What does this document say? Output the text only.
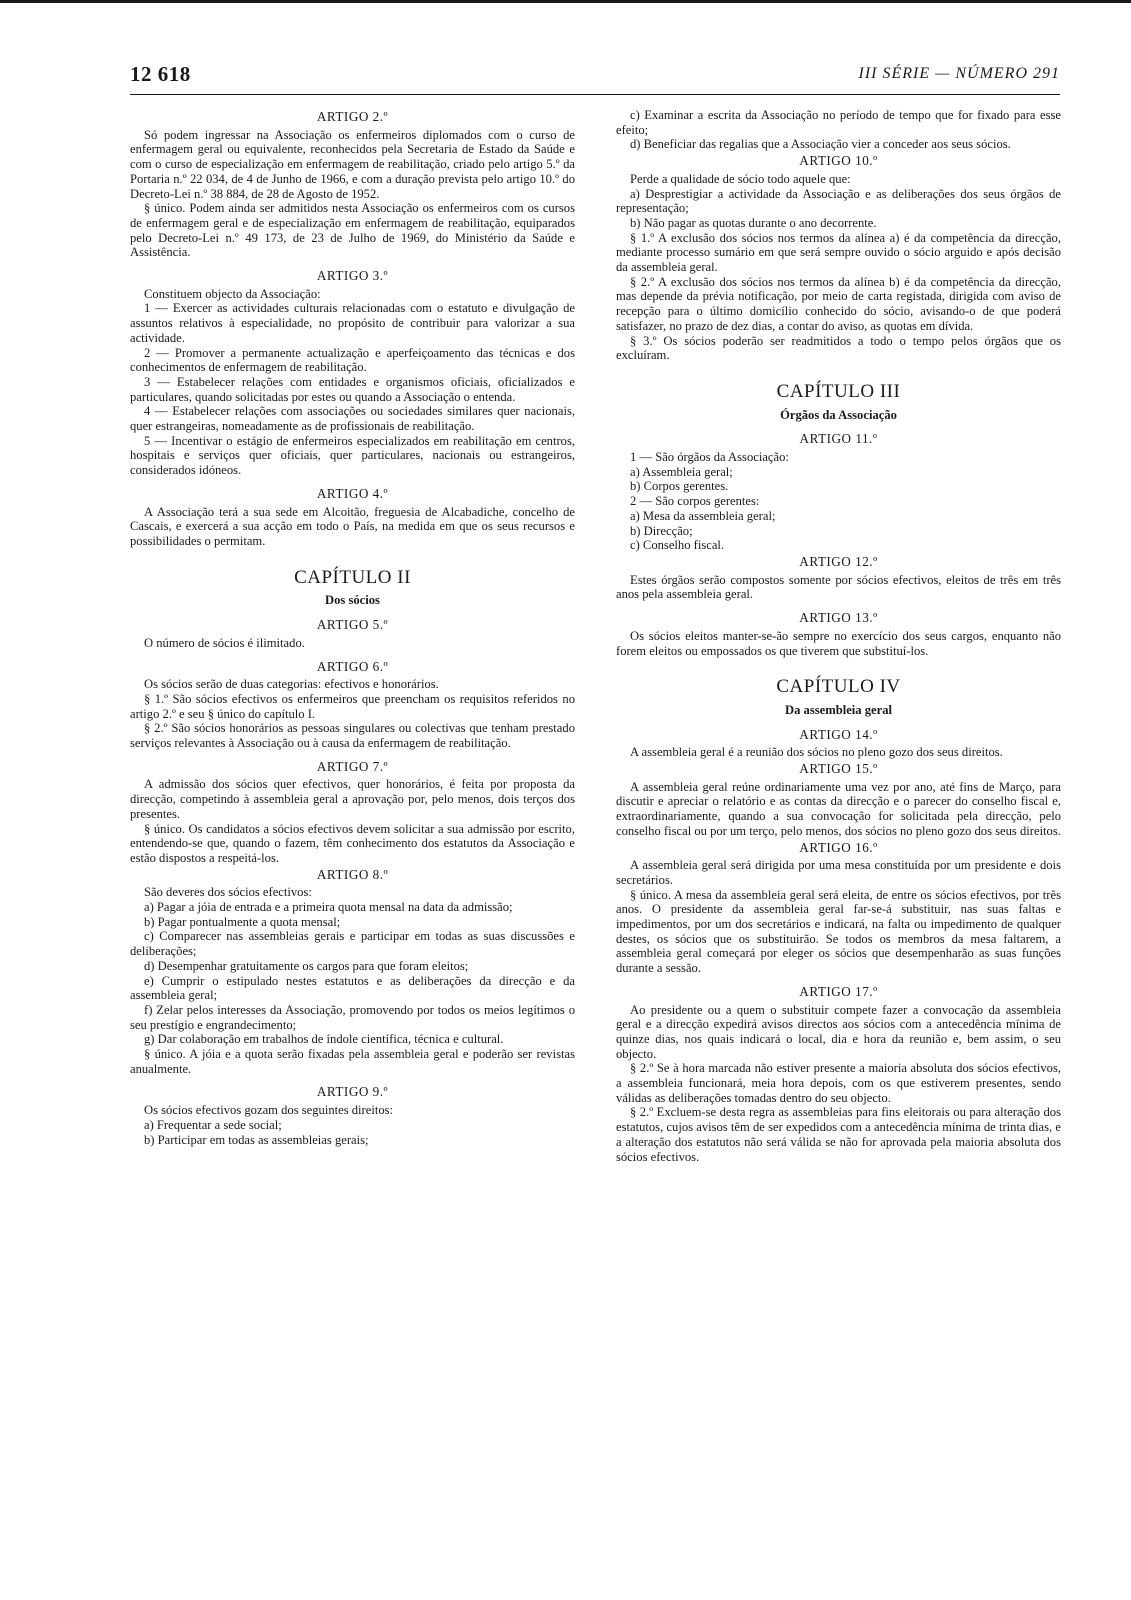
12 618	III SÉRIE — NÚMERO 291
ARTIGO 2.º

Só podem ingressar na Associação os enfermeiros diplomados com o curso de enfermagem geral ou equivalente, reconhecidos pela Secretaria de Estado da Saúde e com o curso de especialização em enfermagem de reabilitação, criado pelo artigo 5.º da Portaria n.º 22 034, de 4 de Junho de 1966, e com a duração prevista pelo artigo 10.º do Decreto-Lei n.º 38 884, de 28 de Agosto de 1952.

§ único. Podem ainda ser admitidos nesta Associação os enfermeiros com os cursos de enfermagem geral e de especialização em enfermagem de reabilitação, equiparados pelo Decreto-Lei n.º 49 173, de 23 de Julho de 1969, do Ministério da Saúde e Assistência.

ARTIGO 3.º

Constituem objecto da Associação:

1 — Exercer as actividades culturais relacionadas com o estatuto e divulgação de assuntos relativos à especialidade, no propósito de contribuir para valorizar a sua actividade.

2 — Promover a permanente actualização e aperfeiçoamento das técnicas e dos conhecimentos de enfermagem de reabilitação.

3 — Estabelecer relações com entidades e organismos oficiais, oficializados e particulares, quando solicitadas por estes ou quando a Associação o entenda.

4 — Estabelecer relações com associações ou sociedades similares quer nacionais, quer estrangeiras, nomeadamente as de profissionais de reabilitação.

5 — Incentivar o estágio de enfermeiros especializados em reabilitação em centros, hospitais e serviços quer oficiais, quer particulares, nacionais ou estrangeiros, considerados idóneos.

ARTIGO 4.º

A Associação terá a sua sede em Alcoitão, freguesia de Alcabadiche, concelho de Cascais, e exercerá a sua acção em todo o País, na medida em que os seus recursos e possibilidades o permitam.

CAPÍTULO II
Dos sócios
ARTIGO 5.º

O número de sócios é ilimitado.

ARTIGO 6.º

Os sócios serão de duas categorias: efectivos e honorários.

§ 1.º São sócios efectivos os enfermeiros que preencham os requisitos referidos no artigo 2.º e seu § único do capítulo I.

§ 2.º São sócios honorários as pessoas singulares ou colectivas que tenham prestado serviços relevantes à Associação ou à causa da enfermagem de reabilitação.

ARTIGO 7.º

A admissão dos sócios quer efectivos, quer honorários, é feita por proposta da direcção, competindo à assembleia geral a aprovação por, pelo menos, dois terços dos presentes.

§ único. Os candidatos a sócios efectivos devem solicitar a sua admissão por escrito, entendendo-se que, quando o fazem, têm conhecimento dos estatutos da Associação e estão dispostos a respeitá-los.

ARTIGO 8.º

São deveres dos sócios efectivos:

a) Pagar a jóia de entrada e a primeira quota mensal na data da admissão;

b) Pagar pontualmente a quota mensal;

c) Comparecer nas assembleias gerais e participar em todas as suas discussões e deliberações;

d) Desempenhar gratuitamente os cargos para que foram eleitos;

e) Cumprir o estipulado nestes estatutos e as deliberações da direcção e da assembleia geral;

f) Zelar pelos interesses da Associação, promovendo por todos os meios legítimos o seu prestígio e engrandecimento;

g) Dar colaboração em trabalhos de índole científica, técnica e cultural.

§ único. A jóia e a quota serão fixadas pela assembleia geral e poderão ser revistas anualmente.

ARTIGO 9.º

Os sócios efectivos gozam dos seguintes direitos:

a) Frequentar a sede social;

b) Participar em todas as assembleias gerais;

c) Examinar a escrita da Associação no período de tempo que for fixado para esse efeito;

d) Beneficiar das regalias que a Associação vier a conceder aos seus sócios.

ARTIGO 10.º

Perde a qualidade de sócio todo aquele que:

a) Desprestigiar a actividade da Associação e as deliberações dos seus órgãos de representação;

b) Não pagar as quotas durante o ano decorrente.

§ 1.º A exclusão dos sócios nos termos da alínea a) é da competência da direcção, mediante processo sumário em que será sempre ouvido o sócio arguido e após decisão da assembleia geral.

§ 2.º A exclusão dos sócios nos termos da alínea b) é da competência da direcção, mas depende da prévia notificação, por meio de carta registada, dirigida com aviso de recepção para o último domicílio conhecido do sócio, avisando-o de que poderá satisfazer, no prazo de dez dias, a contar do aviso, as quotas em dívida.

§ 3.º Os sócios poderão ser readmitidos a todo o tempo pelos órgãos que os excluíram.

CAPÍTULO III
Órgãos da Associação
ARTIGO 11.º

1 — São órgãos da Associação:

a) Assembleia geral;

b) Corpos gerentes.

2 — São corpos gerentes:

a) Mesa da assembleia geral;

b) Direcção;

c) Conselho fiscal.

ARTIGO 12.º

Estes órgãos serão compostos somente por sócios efectivos, eleitos de três em três anos pela assembleia geral.

ARTIGO 13.º

Os sócios eleitos manter-se-ão sempre no exercício dos seus cargos, enquanto não forem eleitos ou empossados os que tiverem que substituí-los.

CAPÍTULO IV
Da assembleia geral
ARTIGO 14.º

A assembleia geral é a reunião dos sócios no pleno gozo dos seus direitos.

ARTIGO 15.º

A assembleia geral reúne ordinariamente uma vez por ano, até fins de Março, para discutir e apreciar o relatório e as contas da direcção e o parecer do conselho fiscal e, extraordinariamente, quando a sua convocação for solicitada pela direcção, pelo conselho fiscal ou por um terço, pelo menos, dos sócios no pleno gozo dos seus direitos.

ARTIGO 16.º

A assembleia geral será dirigida por uma mesa constituída por um presidente e dois secretários.

§ único. A mesa da assembleia geral será eleita, de entre os sócios efectivos, por três anos. O presidente da assembleia geral far-se-á substituir, nas suas faltas e impedimentos, por um dos secretários e indicará, na falta ou impedimento de qualquer destes, os sócios que os substituirão. Se todos os membros da mesa faltarem, a assembleia geral começará por eleger os sócios que desempenharão as suas funções durante a sessão.

ARTIGO 17.º

Ao presidente ou a quem o substituir compete fazer a convocação da assembleia geral e a direcção expedirá avisos directos aos sócios com a antecedência mínima de quinze dias, nos quais indicará o local, dia e hora da reunião e, bem assim, o seu objecto.

§ 2.º Se à hora marcada não estiver presente a maioria absoluta dos sócios efectivos, a assembleia funcionará, meia hora depois, com os que estiverem presentes, sendo válidas as deliberações tomadas dentro do seu objecto.

§ 2.º Excluem-se desta regra as assembleias para fins eleitorais ou para alteração dos estatutos, cujos avisos têm de ser expedidos com a antecedência mínima de trinta dias, e a alteração dos estatutos não será válida se não for aprovada pela maioria absoluta dos sócios efectivos.
